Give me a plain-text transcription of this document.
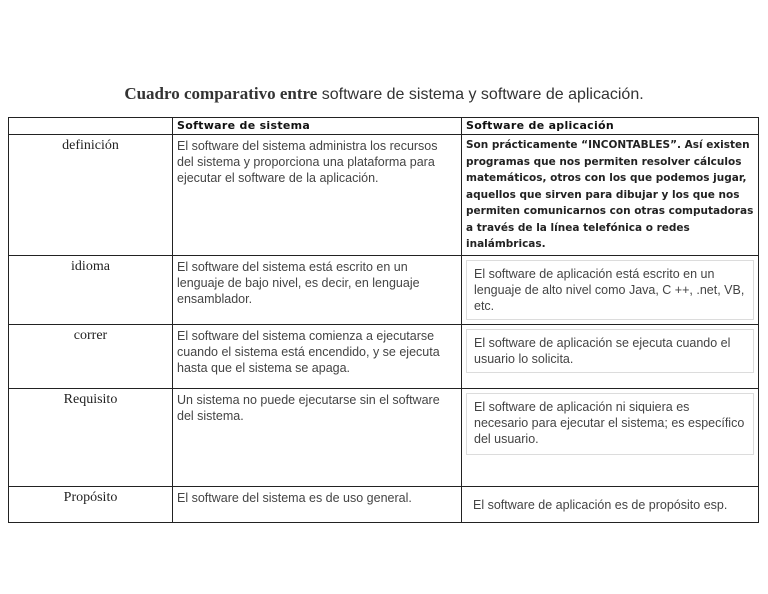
Cuadro comparativo entre software de sistema y software de aplicación.

	Software de sistema	Software de aplicación

definición	El software del sistema administra los recursos del sistema y proporciona una plataforma para ejecutar el software de la aplicación.	Son prácticamente “INCONTABLES”. Así existen programas que nos permiten resolver cálculos matemáticos, otros con los que podemos jugar, aquellos que sirven para dibujar y los que nos permiten comunicarnos con otras computadoras a través de la línea telefónica o redes inalámbricas.

idioma	El software del sistema está escrito en un lenguaje de bajo nivel, es decir, en lenguaje ensamblador.	El software de aplicación está escrito en un lenguaje de alto nivel como Java, C ++, .net, VB, etc.

correr	El software del sistema comienza a ejecutarse cuando el sistema está encendido, y se ejecuta hasta que el sistema se apaga.	El software de aplicación se ejecuta cuando el usuario lo solicita.

Requisito	Un sistema no puede ejecutarse sin el software del sistema.	El software de aplicación ni siquiera es necesario para ejecutar el sistema; es específico del usuario.

Propósito	El software del sistema es de uso general.	El software de aplicación es de propósito esp.
